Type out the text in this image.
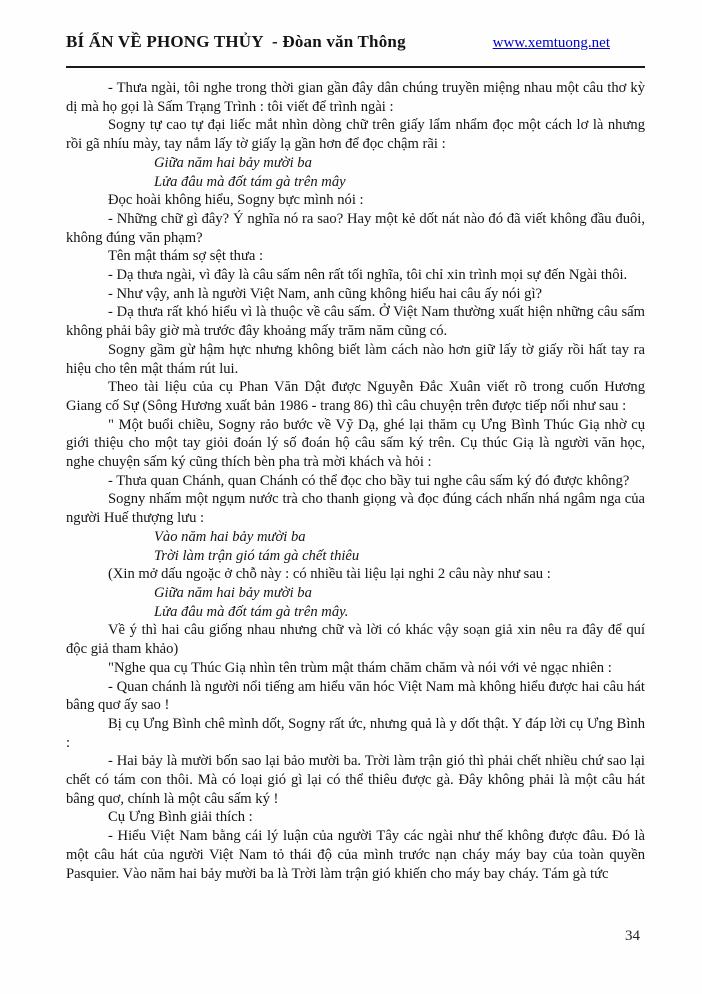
BÍ ẨN VỀ PHONG THỦY  - Đòan văn Thông	www.xemtuong.net

- Thưa ngài, tôi nghe trong thời gian gần đây dân chúng truyền miệng nhau một câu thơ kỳ dị mà họ gọi là Sấm Trạng Trình : tôi viết để trình ngài :

Sogny tự cao tự đại liếc mắt nhìn dòng chữ trên giấy lẩm nhẩm đọc một cách lơ là nhưng rồi gã nhíu mày, tay nắm lấy tờ giấy lạ gần hơn để đọc chậm rãi :

Giữa năm hai bảy mười ba

Lửa đâu mà đốt tám gà trên mây

Đọc hoài không hiểu, Sogny bực mình nói :

- Những chữ gì đây? Ý nghĩa nó ra sao? Hay một kẻ dốt nát nào đó đã viết không đầu đuôi, không đúng văn phạm?

Tên mật thám sợ sệt thưa :

- Dạ thưa ngài, vì đây là câu sấm nên rất tối nghĩa, tôi chỉ xin trình mọi sự đến Ngài thôi.

- Như vậy, anh là người Việt Nam, anh cũng không hiểu hai câu ấy nói gì?

- Dạ thưa rất khó hiểu vì là thuộc về câu sấm. Ở Việt Nam thường xuất hiện những câu sấm không phải bây giờ mà trước đây khoảng mấy trăm năm cũng có.

Sogny gầm gừ hậm hực nhưng không biết làm cách nào hơn giữ lấy tờ giấy rồi hất tay ra hiệu cho tên mật thám rút lui.

Theo tài liệu của cụ Phan Văn Dật được Nguyễn Đắc Xuân viết rõ trong cuốn Hương Giang cố Sự (Sông Hương xuất bản 1986 - trang 86) thì câu chuyện trên được tiếp nối như sau :

" Một buổi chiều, Sogny rảo bước về Vỹ Dạ, ghé lại thăm cụ Ưng Bình Thúc Giạ nhờ cụ giới thiệu cho một tay giỏi đoán lý số đoán hộ câu sấm ký trên. Cụ thúc Giạ là người văn học, nghe chuyện sấm ký cũng thích bèn pha trà mời khách và hỏi :

- Thưa quan Chánh, quan Chánh có thể đọc cho bầy tui nghe câu sấm ký đó được không?

Sogny nhấm một ngụm nước trà cho thanh giọng và đọc đúng cách nhấn nhá ngâm nga của người Huế thượng lưu :

Vào năm hai bảy mười ba

Trời làm trận gió tám gà chết thiêu

(Xin mở dấu ngoặc ở chỗ này : có nhiều tài liệu lại nghi 2 câu này như sau :

Giữa năm hai bảy mười ba

Lửa đâu mà đốt tám gà trên mây.

Về ý thì hai câu giống nhau nhưng chữ và lời có khác vậy soạn giả xin nêu ra đây để quí độc giả tham khảo)

"Nghe qua cụ Thúc Giạ nhìn tên trùm mật thám chăm chăm và nói với vẻ ngạc nhiên :

- Quan chánh là người nổi tiếng am hiểu văn hóc Việt Nam mà không hiểu được hai câu hát bâng quơ ấy sao !

Bị cụ Ưng Bình chê mình dốt, Sogny rất ức, nhưng quả là y dốt thật. Y đáp lời cụ Ưng Bình :

- Hai bảy là mười bốn sao lại bảo mười ba. Trời làm trận gió thì phải chết nhiều chứ sao lại chết có tám con thôi. Mà có loại gió gì lại có thể thiêu được gà. Đây không phải là một câu hát bâng quơ, chính là một câu sấm ký !

Cụ Ưng Bình giải thích :

- Hiểu Việt Nam bằng cái lý luận của người Tây các ngài như thế không được đâu. Đó là một câu hát của người Việt Nam tỏ thái độ của mình trước nạn cháy máy bay của toàn quyền Pasquier. Vào năm hai bảy mười ba là Trời làm trận gió khiến cho máy bay cháy. Tám gà tức

34
